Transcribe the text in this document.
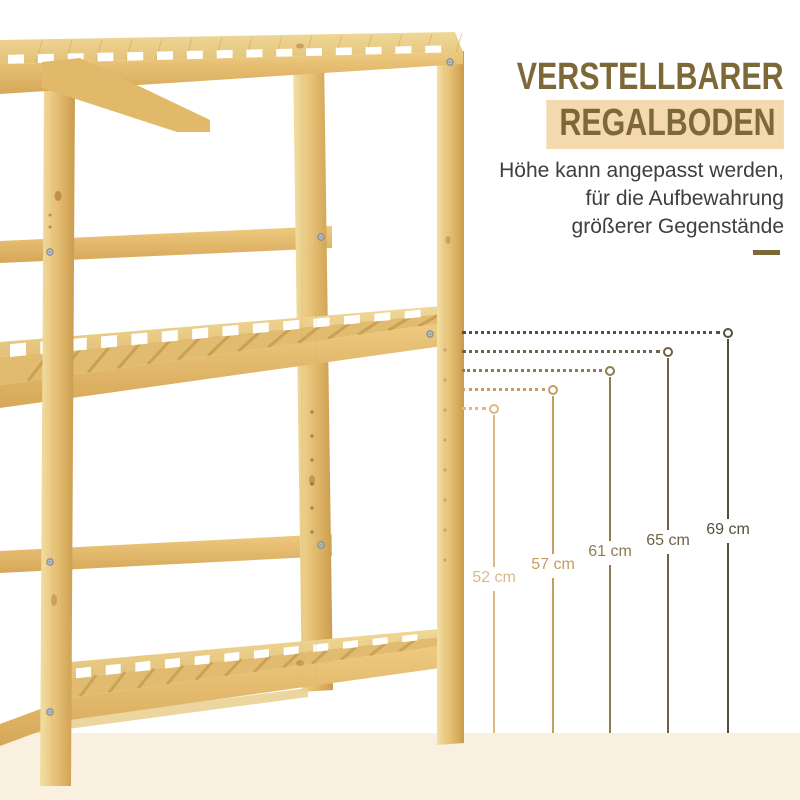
69 cm
65 cm
61 cm
57 cm
52 cm
VERSTELLBARER
REGALBODEN
Höhe kann angepasst werden,
für die Aufbewahrung
größerer Gegenstände
